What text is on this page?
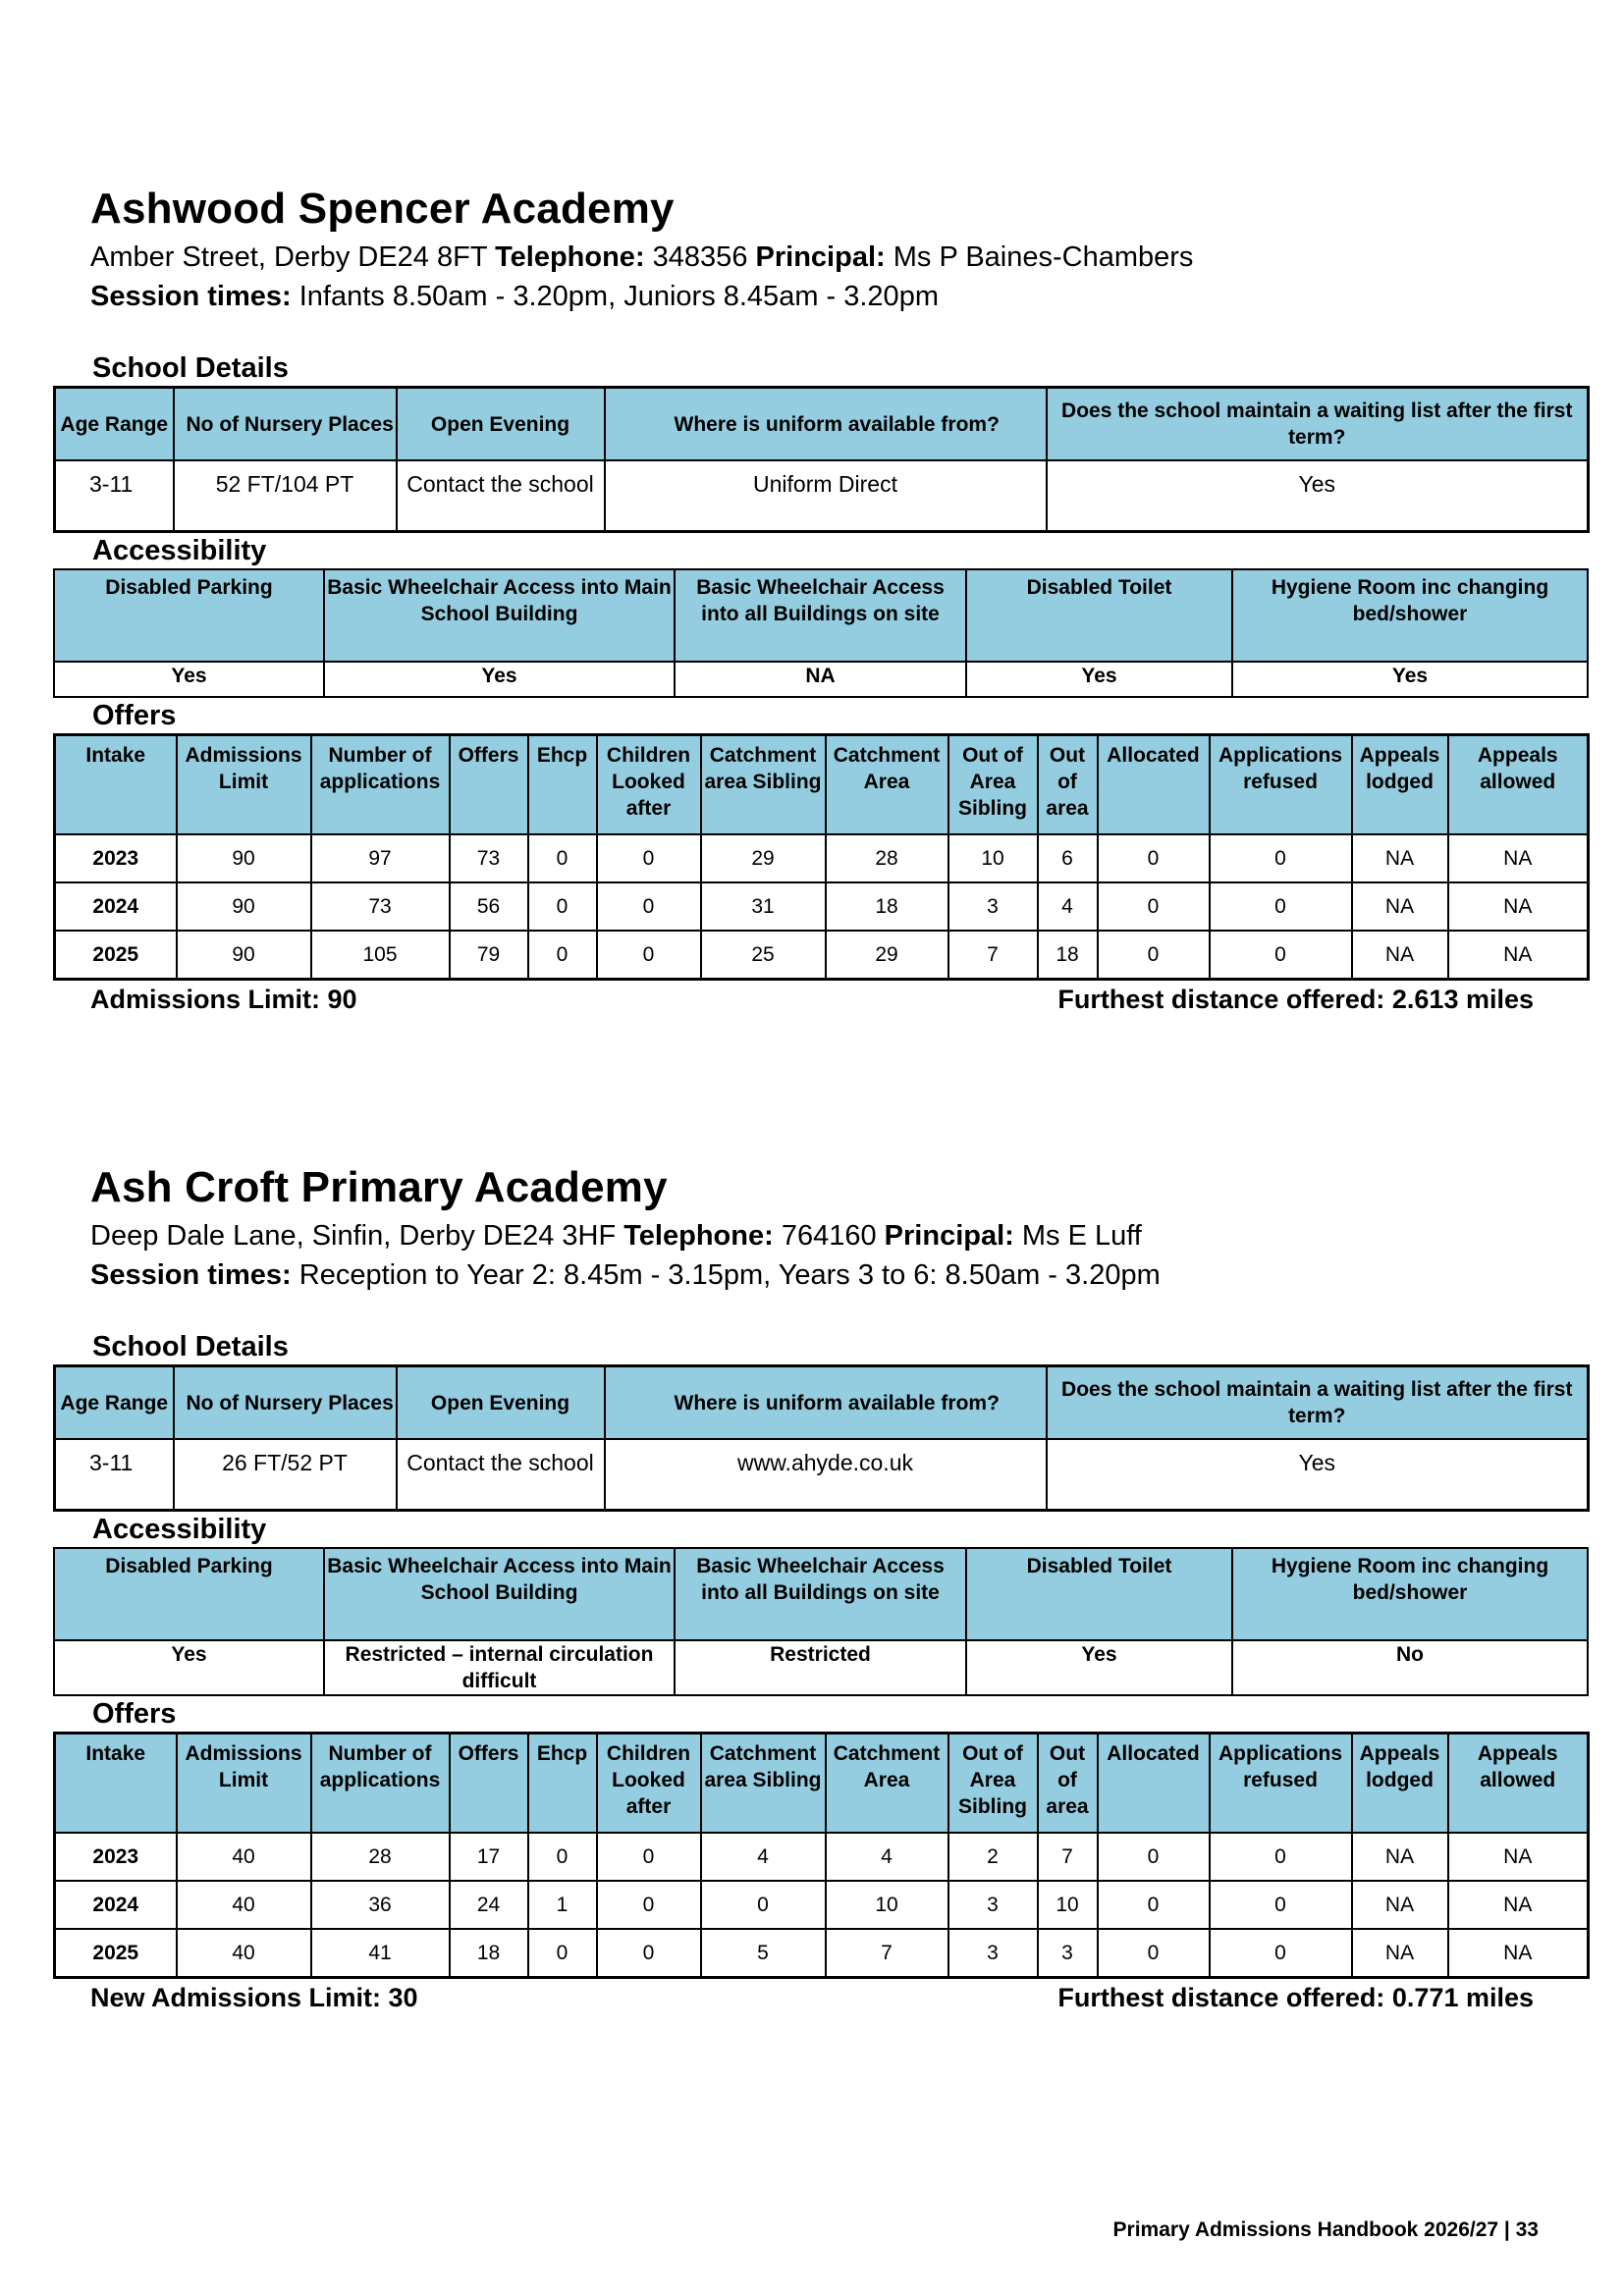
Ashwood Spencer Academy
Amber Street, Derby DE24 8FT Telephone: 348356 Principal: Ms P Baines-Chambers
Session times: Infants 8.50am - 3.20pm, Juniors 8.45am - 3.20pm
School Details
Age Range	No of Nursery Places	Open Evening	Where is uniform available from?	Does the school maintain a waiting list after the first term?
3-11	52 FT/104 PT	Contact the school	Uniform Direct	Yes
Accessibility
Disabled Parking	Basic Wheelchair Access into Main School Building	Basic Wheelchair Access into all Buildings on site	Disabled Toilet	Hygiene Room inc changing bed/shower
Yes	Yes	NA	Yes	Yes
Offers
Intake	Admissions Limit	Number of applications	Offers	Ehcp	Children Looked after	Catchment area Sibling	Catchment Area	Out of Area Sibling	Out of area	Allocated	Applications refused	Appeals lodged	Appeals allowed
2023	90	97	73	0	0	29	28	10	6	0	0	NA	NA
2024	90	73	56	0	0	31	18	3	4	0	0	NA	NA
2025	90	105	79	0	0	25	29	7	18	0	0	NA	NA
Admissions Limit: 90	Furthest distance offered: 2.613 miles
Ash Croft Primary Academy
Deep Dale Lane, Sinfin, Derby DE24 3HF Telephone: 764160 Principal: Ms E Luff
Session times: Reception to Year 2: 8.45m - 3.15pm, Years 3 to 6: 8.50am - 3.20pm
School Details
Age Range	No of Nursery Places	Open Evening	Where is uniform available from?	Does the school maintain a waiting list after the first term?
3-11	26 FT/52 PT	Contact the school	www.ahyde.co.uk	Yes
Accessibility
Disabled Parking	Basic Wheelchair Access into Main School Building	Basic Wheelchair Access into all Buildings on site	Disabled Toilet	Hygiene Room inc changing bed/shower
Yes	Restricted – internal circulation difficult	Restricted	Yes	No
Offers
Intake	Admissions Limit	Number of applications	Offers	Ehcp	Children Looked after	Catchment area Sibling	Catchment Area	Out of Area Sibling	Out of area	Allocated	Applications refused	Appeals lodged	Appeals allowed
2023	40	28	17	0	0	4	4	2	7	0	0	NA	NA
2024	40	36	24	1	0	0	10	3	10	0	0	NA	NA
2025	40	41	18	0	0	5	7	3	3	0	0	NA	NA
New Admissions Limit: 30	Furthest distance offered: 0.771 miles
Primary Admissions Handbook 2026/27 | 33
